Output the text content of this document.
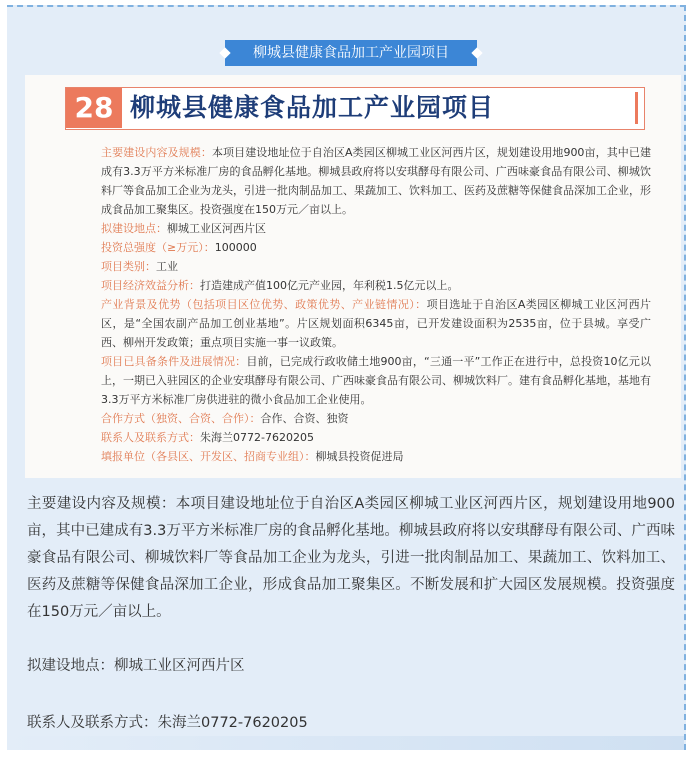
柳城县健康食品加工产业园项目
28 柳城县健康食品加工产业园项目

主要建设内容及规模：本项目建设地址位于自治区A类园区柳城工业区河西片区，规划建设用地900亩，其中已建成有3.3万平方米标准厂房的食品孵化基地。柳城县政府将以安琪酵母有限公司、广西味豪食品有限公司、柳城饮料厂等食品加工企业为龙头，引进一批肉制品加工、果蔬加工、饮料加工、医药及蔗糖等保健食品深加工企业，形成食品加工聚集区。投资强度在150万元／亩以上。

拟建设地点：柳城工业区河西片区

投资总强度（≥万元）：100000

项目类别：工业

项目经济效益分析：打造建成产值100亿元产业园，年利税1.5亿元以上。

产业背景及优势（包括项目区位优势、政策优势、产业链情况）：项目选址于自治区A类园区柳城工业区河西片区，是“全国农副产品加工创业基地”。片区规划面积6345亩，已开发建设面积为2535亩，位于县城。享受广西、柳州开发政策；重点项目实施一事一议政策。

项目已具备条件及进展情况：目前，已完成行政收储土地900亩，“三通一平”工作正在进行中，总投资10亿元以上，一期已入驻园区的企业安琪酵母有限公司、广西味豪食品有限公司、柳城饮料厂。建有食品孵化基地，基地有3.3万平方米标准厂房供进驻的微小食品加工企业使用。

合作方式（独资、合资、合作）：合作、合资、独资

联系人及联系方式：朱海兰0772-7620205

填报单位（各县区、开发区、招商专业组）：柳城县投资促进局

主要建设内容及规模：本项目建设地址位于自治区A类园区柳城工业区河西片区，规划建设用地900亩，其中已建成有3.3万平方米标准厂房的食品孵化基地。柳城县政府将以安琪酵母有限公司、广西味豪食品有限公司、柳城饮料厂等食品加工企业为龙头，引进一批肉制品加工、果蔬加工、饮料加工、医药及蔗糖等保健食品深加工企业，形成食品加工聚集区。不断发展和扩大园区发展规模。投资强度在150万元／亩以上。

拟建设地点：柳城工业区河西片区

联系人及联系方式：朱海兰0772-7620205
